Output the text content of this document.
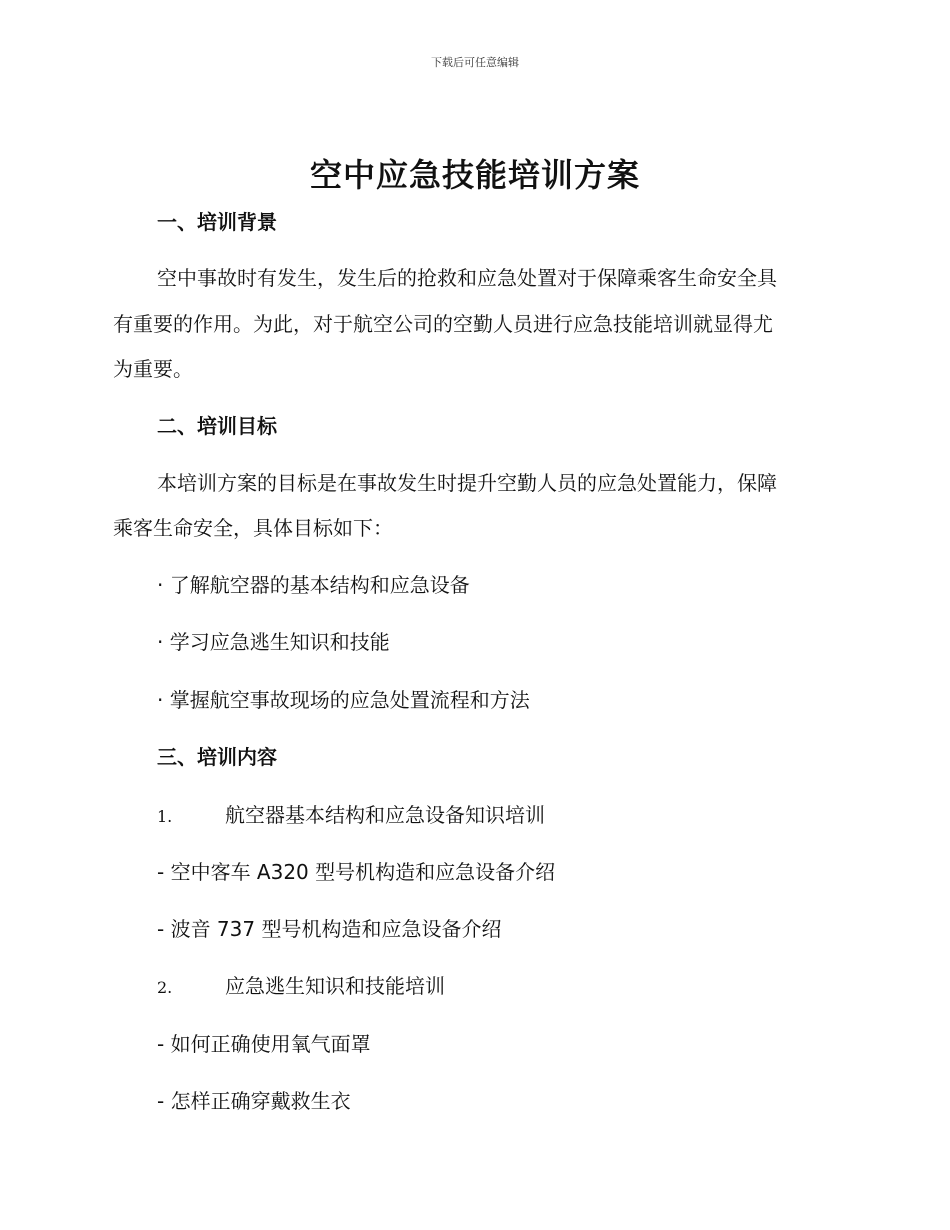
下载后可任意编辑
空中应急技能培训方案
一、培训背景
空中事故时有发生，发生后的抢救和应急处置对于保障乘客生命安全具
有重要的作用。为此，对于航空公司的空勤人员进行应急技能培训就显得尤
为重要。
二、培训目标
本培训方案的目标是在事故发生时提升空勤人员的应急处置能力，保障
乘客生命安全，具体目标如下：
· 了解航空器的基本结构和应急设备
· 学习应急逃生知识和技能
· 掌握航空事故现场的应急处置流程和方法
三、培训内容
1.	航空器基本结构和应急设备知识培训
- 空中客车 A320 型号机构造和应急设备介绍
- 波音 737 型号机构造和应急设备介绍
2.	应急逃生知识和技能培训
- 如何正确使用氧气面罩
- 怎样正确穿戴救生衣
